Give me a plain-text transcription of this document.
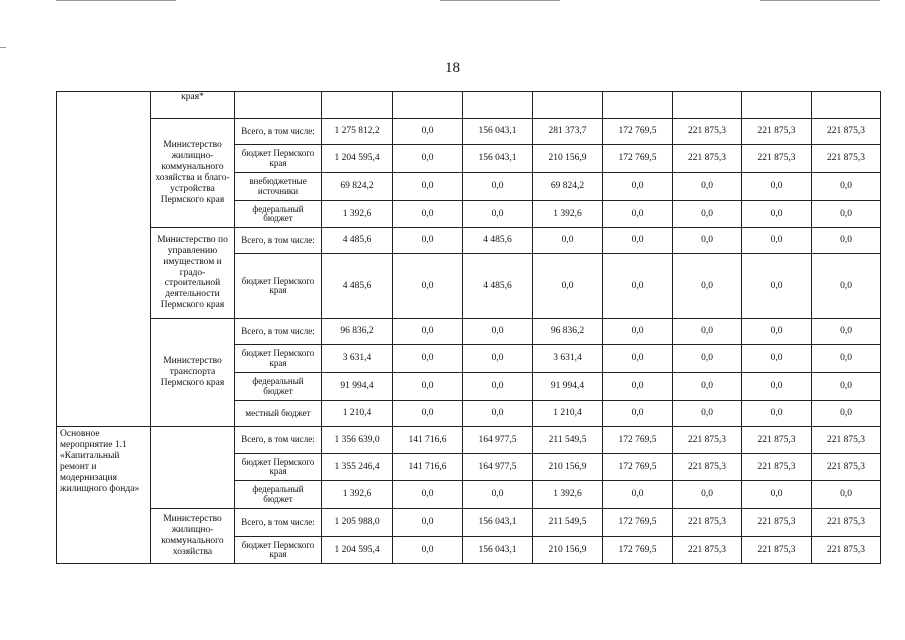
18
	края*									
	Министерство жилищно-коммунального хозяйства и благо-устройства Пермского края	Всего, в том числе:	1 275 812,2	0,0	156 043,1	281 373,7	172 769,5	221 875,3	221 875,3	221 875,3
		бюджет Пермского края	1 204 595,4	0,0	156 043,1	210 156,9	172 769,5	221 875,3	221 875,3	221 875,3
		внебюджетные источники	69 824,2	0,0	0,0	69 824,2	0,0	0,0	0,0	0,0
		федеральный бюджет	1 392,6	0,0	0,0	1 392,6	0,0	0,0	0,0	0,0
	Министерство по управлению имуществом и градо-строительной деятельности Пермского края	Всего, в том числе:	4 485,6	0,0	4 485,6	0,0	0,0	0,0	0,0	0,0
		бюджет Пермского края	4 485,6	0,0	4 485,6	0,0	0,0	0,0	0,0	0,0
	Министерство транспорта Пермского края	Всего, в том числе:	96 836,2	0,0	0,0	96 836,2	0,0	0,0	0,0	0,0
		бюджет Пермского края	3 631,4	0,0	0,0	3 631,4	0,0	0,0	0,0	0,0
		федеральный бюджет	91 994,4	0,0	0,0	91 994,4	0,0	0,0	0,0	0,0
		местный бюджет	1 210,4	0,0	0,0	1 210,4	0,0	0,0	0,0	0,0
Основное мероприятие 1.1 «Капитальный ремонт и модернизация жилищного фонда»		Всего, в том числе:	1 356 639,0	141 716,6	164 977,5	211 549,5	172 769,5	221 875,3	221 875,3	221 875,3
		бюджет Пермского края	1 355 246,4	141 716,6	164 977,5	210 156,9	172 769,5	221 875,3	221 875,3	221 875,3
		федеральный бюджет	1 392,6	0,0	0,0	1 392,6	0,0	0,0	0,0	0,0
	Министерство жилищно-коммунального хозяйства	Всего, в том числе:	1 205 988,0	0,0	156 043,1	211 549,5	172 769,5	221 875,3	221 875,3	221 875,3
		бюджет Пермского края	1 204 595,4	0,0	156 043,1	210 156,9	172 769,5	221 875,3	221 875,3	221 875,3
